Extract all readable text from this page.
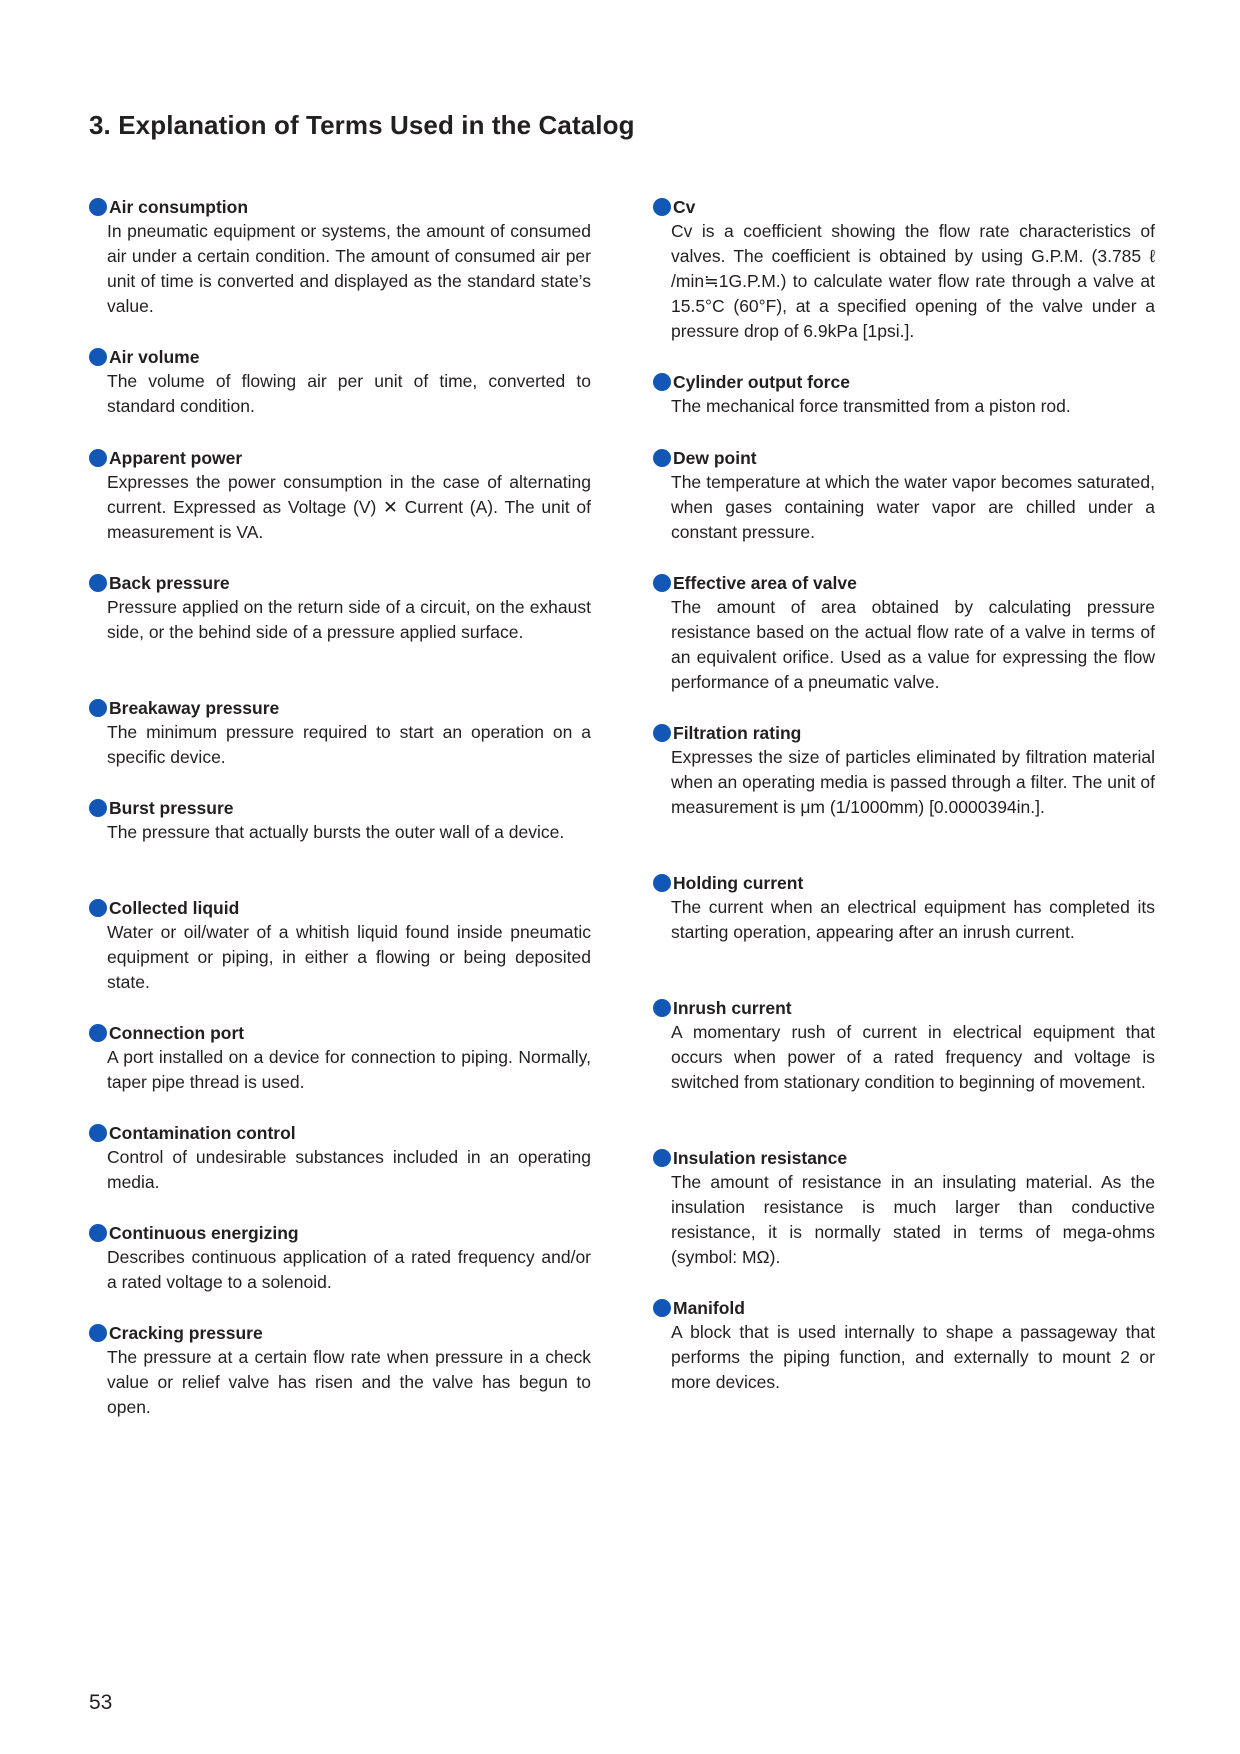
3. Explanation of Terms Used in the Catalog
Air consumption

In pneumatic equipment or systems, the amount of consumed air under a certain condition. The amount of consumed air per unit of time is converted and displayed as the standard state’s value.

Air volume

The volume of flowing air per unit of time, converted to standard condition.

Apparent power

Expresses the power consumption in the case of alternating current. Expressed as Voltage (V) ✕ Current (A). The unit of measurement is VA.

Back pressure

Pressure applied on the return side of a circuit, on the exhaust side, or the behind side of a pressure applied surface.

Breakaway pressure

The minimum pressure required to start an operation on a specific device.

Burst pressure

The pressure that actually bursts the outer wall of a device.

Collected liquid

Water or oil/water of a whitish liquid found inside pneumatic equipment or piping, in either a flowing or being deposited state.

Connection port

A port installed on a device for connection to piping. Normally, taper pipe thread is used.

Contamination control

Control of undesirable substances included in an operating media.

Continuous energizing

Describes continuous application of a rated frequency and/or a rated voltage to a solenoid.

Cracking pressure

The pressure at a certain flow rate when pressure in a check value or relief valve has risen and the valve has begun to open.

Cv

Cv is a coefficient showing the flow rate characteristics of valves. The coefficient is obtained by using G.P.M. (3.785 ℓ /min≒1G.P.M.) to calculate water flow rate through a valve at 15.5°C (60°F), at a specified opening of the valve under a pressure drop of 6.9kPa [1psi.].

Cylinder output force

The mechanical force transmitted from a piston rod.

Dew point

The temperature at which the water vapor becomes saturated, when gases containing water vapor are chilled under a constant pressure.

Effective area of valve

The amount of area obtained by calculating pressure resistance based on the actual flow rate of a valve in terms of an equivalent orifice. Used as a value for expressing the flow performance of a pneumatic valve.

Filtration rating

Expresses the size of particles eliminated by filtration material when an operating media is passed through a filter. The unit of measurement is μm (1/1000mm) [0.0000394in.].

Holding current

The current when an electrical equipment has completed its starting operation, appearing after an inrush current.

Inrush current

A momentary rush of current in electrical equipment that occurs when power of a rated frequency and voltage is switched from stationary condition to beginning of movement.

Insulation resistance

The amount of resistance in an insulating material. As the insulation resistance is much larger than conductive resistance, it is normally stated in terms of mega-ohms (symbol: MΩ).

Manifold

A block that is used internally to shape a passageway that performs the piping function, and externally to mount 2 or more devices.

53
